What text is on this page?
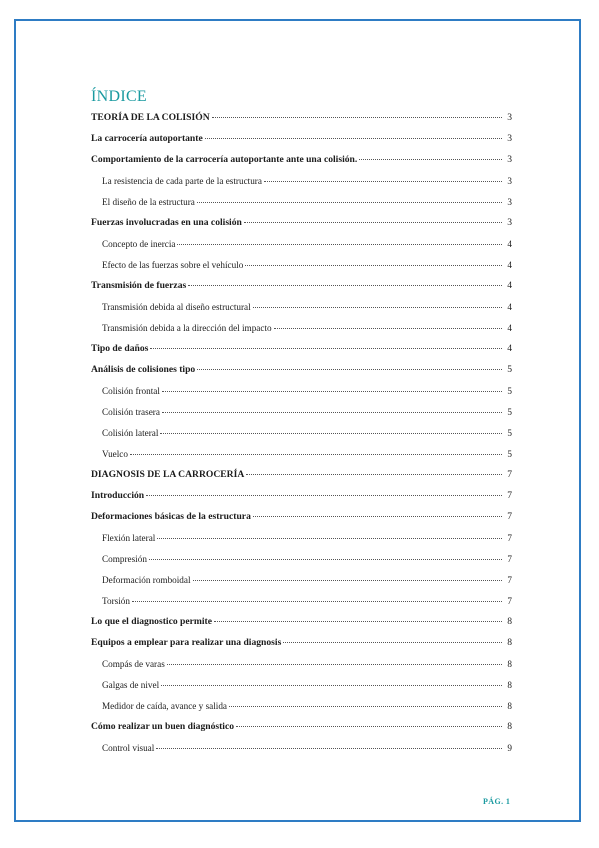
ÍNDICE
TEORÍA DE LA COLISIÓN	3
La carrocería autoportante	3
Comportamiento de la carrocería autoportante ante una colisión.	3
La resistencia de cada parte de la estructura	3
El diseño de la estructura	3
Fuerzas involucradas en una colisión	3
Concepto de inercia	4
Efecto de las fuerzas sobre el vehículo	4
Transmisión de fuerzas	4
Transmisión debida al diseño estructural	4
Transmisión debida a la dirección del impacto	4
Tipo de daños	4
Análisis de colisiones tipo	5
Colisión frontal	5
Colisión trasera	5
Colisión lateral	5
Vuelco	5
DIAGNOSIS DE LA CARROCERÍA	7
Introducción	7
Deformaciones básicas de la estructura	7
Flexión lateral	7
Compresión	7
Deformación romboidal	7
Torsión	7
Lo que el diagnostico permite	8
Equipos a emplear para realizar una diagnosis	8
Compás de varas	8
Galgas de nivel	8
Medidor de caída, avance y salida	8
Cómo realizar un buen diagnóstico	8
Control visual	9
PÁG. 1
